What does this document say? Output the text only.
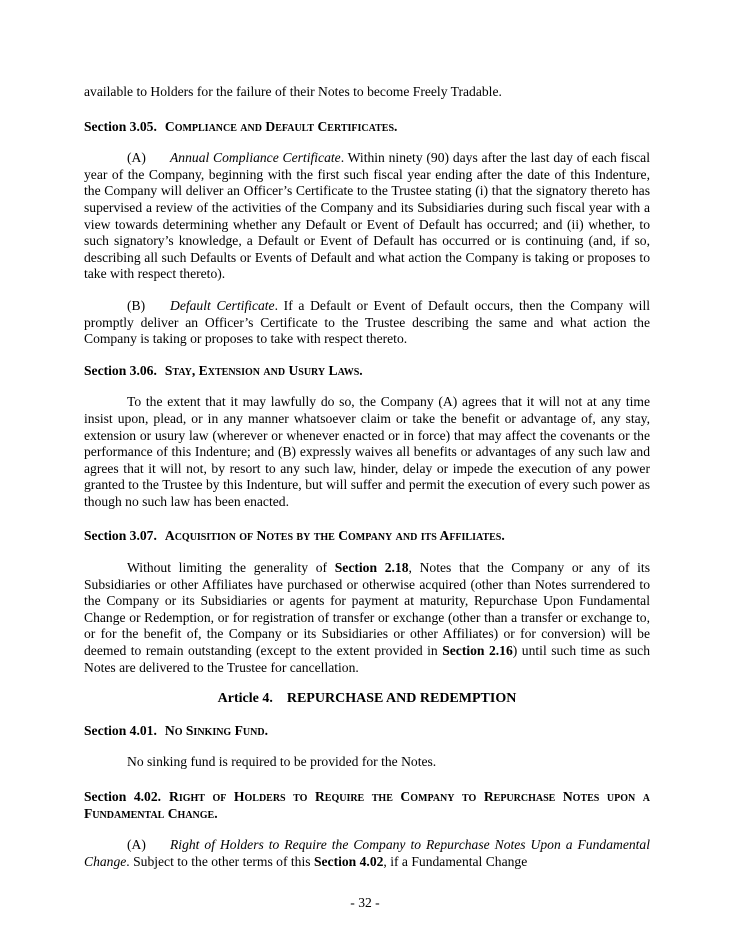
available to Holders for the failure of their Notes to become Freely Tradable.

Section 3.05. Compliance and Default Certificates.

(A) Annual Compliance Certificate. Within ninety (90) days after the last day of each fiscal year of the Company, beginning with the first such fiscal year ending after the date of this Indenture, the Company will deliver an Officer’s Certificate to the Trustee stating (i) that the signatory thereto has supervised a review of the activities of the Company and its Subsidiaries during such fiscal year with a view towards determining whether any Default or Event of Default has occurred; and (ii) whether, to such signatory’s knowledge, a Default or Event of Default has occurred or is continuing (and, if so, describing all such Defaults or Events of Default and what action the Company is taking or proposes to take with respect thereto).

(B) Default Certificate. If a Default or Event of Default occurs, then the Company will promptly deliver an Officer’s Certificate to the Trustee describing the same and what action the Company is taking or proposes to take with respect thereto.

Section 3.06. Stay, Extension and Usury Laws.

To the extent that it may lawfully do so, the Company (A) agrees that it will not at any time insist upon, plead, or in any manner whatsoever claim or take the benefit or advantage of, any stay, extension or usury law (wherever or whenever enacted or in force) that may affect the covenants or the performance of this Indenture; and (B) expressly waives all benefits or advantages of any such law and agrees that it will not, by resort to any such law, hinder, delay or impede the execution of any power granted to the Trustee by this Indenture, but will suffer and permit the execution of every such power as though no such law has been enacted.

Section 3.07. Acquisition of Notes by the Company and its Affiliates.

Without limiting the generality of Section 2.18, Notes that the Company or any of its Subsidiaries or other Affiliates have purchased or otherwise acquired (other than Notes surrendered to the Company or its Subsidiaries or agents for payment at maturity, Repurchase Upon Fundamental Change or Redemption, or for registration of transfer or exchange (other than a transfer or exchange to, or for the benefit of, the Company or its Subsidiaries or other Affiliates) or for conversion) will be deemed to remain outstanding (except to the extent provided in Section 2.16) until such time as such Notes are delivered to the Trustee for cancellation.

Article 4. REPURCHASE AND REDEMPTION

Section 4.01. No Sinking Fund.

No sinking fund is required to be provided for the Notes.

Section 4.02. Right of Holders to Require the Company to Repurchase Notes upon a Fundamental Change.

(A) Right of Holders to Require the Company to Repurchase Notes Upon a Fundamental Change. Subject to the other terms of this Section 4.02, if a Fundamental Change

- 32 -
